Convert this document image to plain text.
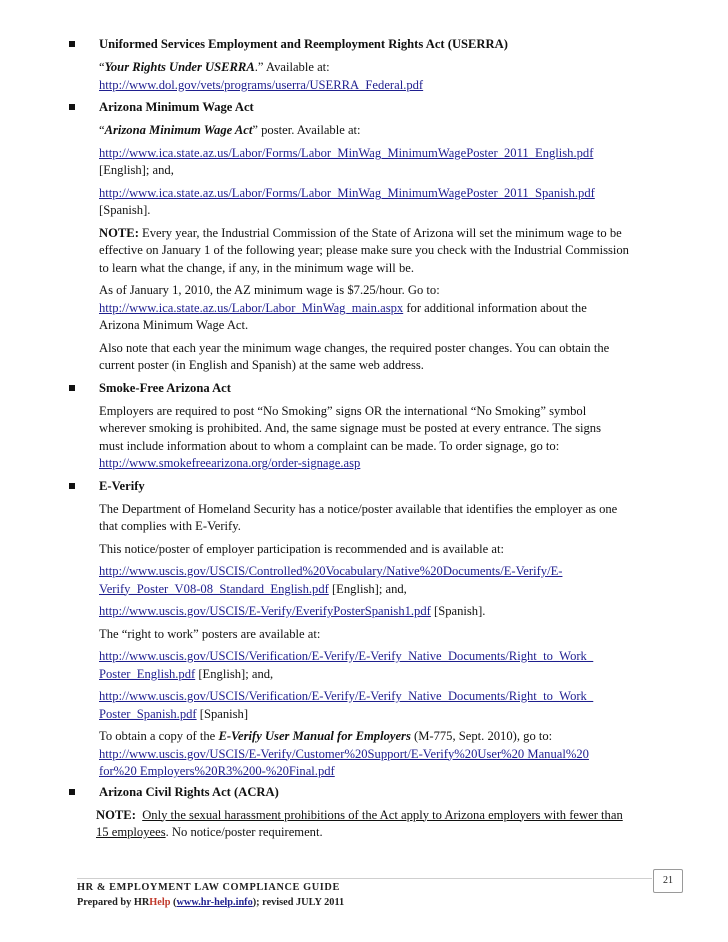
Uniformed Services Employment and Reemployment Rights Act (USERRA)
“Your Rights Under USERRA.” Available at:
http://www.dol.gov/vets/programs/userra/USERRA_Federal.pdf
Arizona Minimum Wage Act
“Arizona Minimum Wage Act” poster. Available at:
http://www.ica.state.az.us/Labor/Forms/Labor_MinWag_MinimumWagePoster_2011_English.pdf
[English]; and,
http://www.ica.state.az.us/Labor/Forms/Labor_MinWag_MinimumWagePoster_2011_Spanish.pdf
[Spanish].
NOTE: Every year, the Industrial Commission of the State of Arizona will set the minimum wage to be
effective on January 1 of the following year; please make sure you check with the Industrial Commission
to learn what the change, if any, in the minimum wage will be.
As of January 1, 2010, the AZ minimum wage is $7.25/hour. Go to:
http://www.ica.state.az.us/Labor/Labor_MinWag_main.aspx for additional information about the
Arizona Minimum Wage Act.
Also note that each year the minimum wage changes, the required poster changes. You can obtain the
current poster (in English and Spanish) at the same web address.
Smoke-Free Arizona Act
Employers are required to post “No Smoking” signs OR the international “No Smoking” symbol
wherever smoking is prohibited. And, the same signage must be posted at every entrance. The signs
must include information about to whom a complaint can be made. To order signage, go to:
http://www.smokefreearizona.org/order-signage.asp
E-Verify
The Department of Homeland Security has a notice/poster available that identifies the employer as one
that complies with E-Verify.
This notice/poster of employer participation is recommended and is available at:
http://www.uscis.gov/USCIS/Controlled%20Vocabulary/Native%20Documents/E-Verify/E-
Verify_Poster_V08-08_Standard_English.pdf [English]; and,
http://www.uscis.gov/USCIS/E-Verify/EverifyPosterSpanish1.pdf [Spanish].
The “right to work” posters are available at:
http://www.uscis.gov/USCIS/Verification/E-Verify/E-Verify_Native_Documents/Right_to_Work_
Poster_English.pdf [English]; and,
http://www.uscis.gov/USCIS/Verification/E-Verify/E-Verify_Native_Documents/Right_to_Work_
Poster_Spanish.pdf [Spanish]
To obtain a copy of the E-Verify User Manual for Employers (M-775, Sept. 2010), go to:
http://www.uscis.gov/USCIS/E-Verify/Customer%20Support/E-Verify%20User%20 Manual%20
for%20 Employers%20R3%200-%20Final.pdf
Arizona Civil Rights Act (ACRA)
NOTE: Only the sexual harassment prohibitions of the Act apply to Arizona employers with fewer than
15 employees. No notice/poster requirement.
21
HR & EMPLOYMENT LAW COMPLIANCE GUIDE
Prepared by HRHelp (www.hr-help.info); revised JULY 2011
